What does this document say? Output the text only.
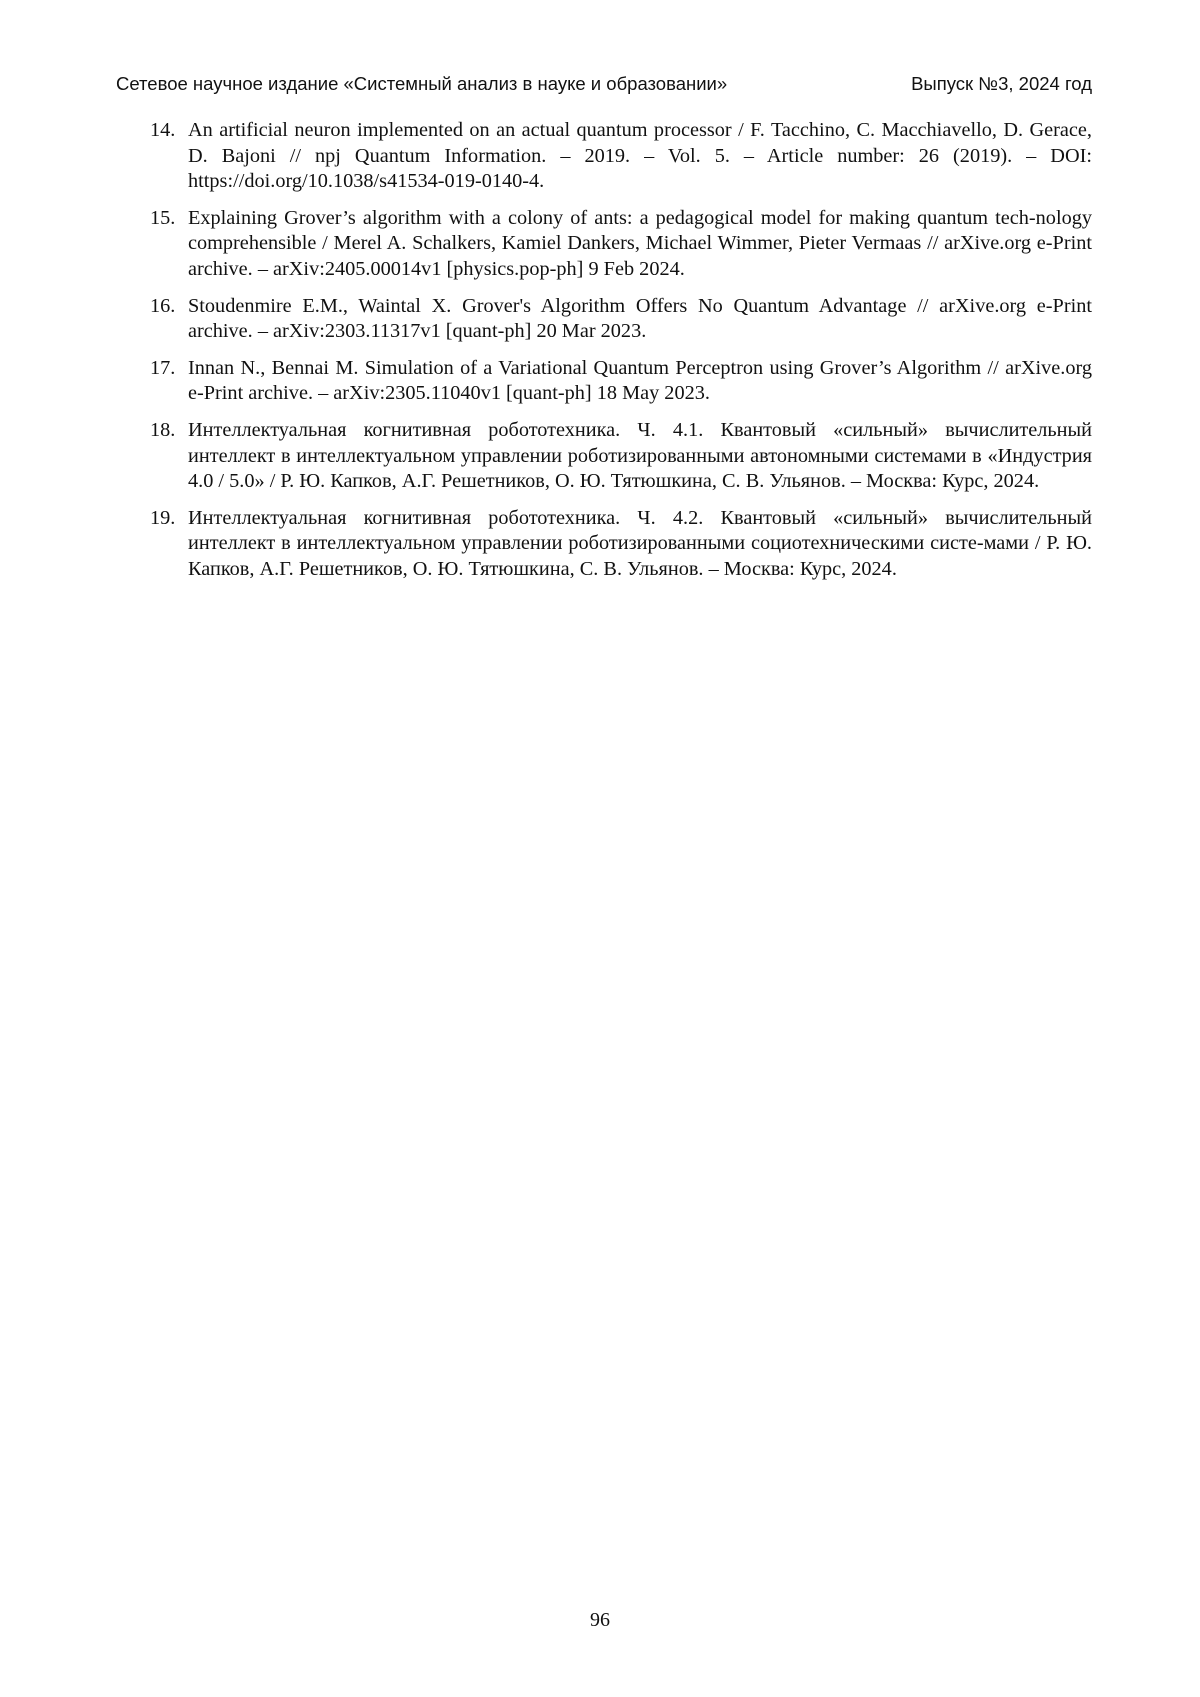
Сетевое научное издание «Системный анализ в науке и образовании»	Выпуск №3, 2024 год
14. An artificial neuron implemented on an actual quantum processor / F. Tacchino, C. Macchiavello, D. Gerace, D. Bajoni // npj Quantum Information. – 2019. – Vol. 5. – Article number: 26 (2019). – DOI: https://doi.org/10.1038/s41534-019-0140-4.
15. Explaining Grover’s algorithm with a colony of ants: a pedagogical model for making quantum tech-nology comprehensible / Merel A. Schalkers, Kamiel Dankers, Michael Wimmer, Pieter Vermaas // arXive.org e-Print archive. – arXiv:2405.00014v1 [physics.pop-ph] 9 Feb 2024.
16. Stoudenmire E.M., Waintal X. Grover's Algorithm Offers No Quantum Advantage // arXive.org e-Print archive. – arXiv:2303.11317v1 [quant-ph] 20 Mar 2023.
17. Innan N., Bennai M. Simulation of a Variational Quantum Perceptron using Grover’s Algorithm // arXive.org e-Print archive. – arXiv:2305.11040v1 [quant-ph] 18 May 2023.
18. Интеллектуальная когнитивная робототехника. Ч. 4.1. Квантовый «сильный» вычислительный интеллект в интеллектуальном управлении роботизированными автономными системами в «Индустрия 4.0 / 5.0» / Р. Ю. Капков, А.Г. Решетников, О. Ю. Тятюшкина, С. В. Ульянов. – Москва: Курс, 2024.
19. Интеллектуальная когнитивная робототехника. Ч. 4.2. Квантовый «сильный» вычислительный интеллект в интеллектуальном управлении роботизированными социотехническими систе-мами / Р. Ю. Капков, А.Г. Решетников, О. Ю. Тятюшкина, С. В. Ульянов. – Москва: Курс, 2024.
96
